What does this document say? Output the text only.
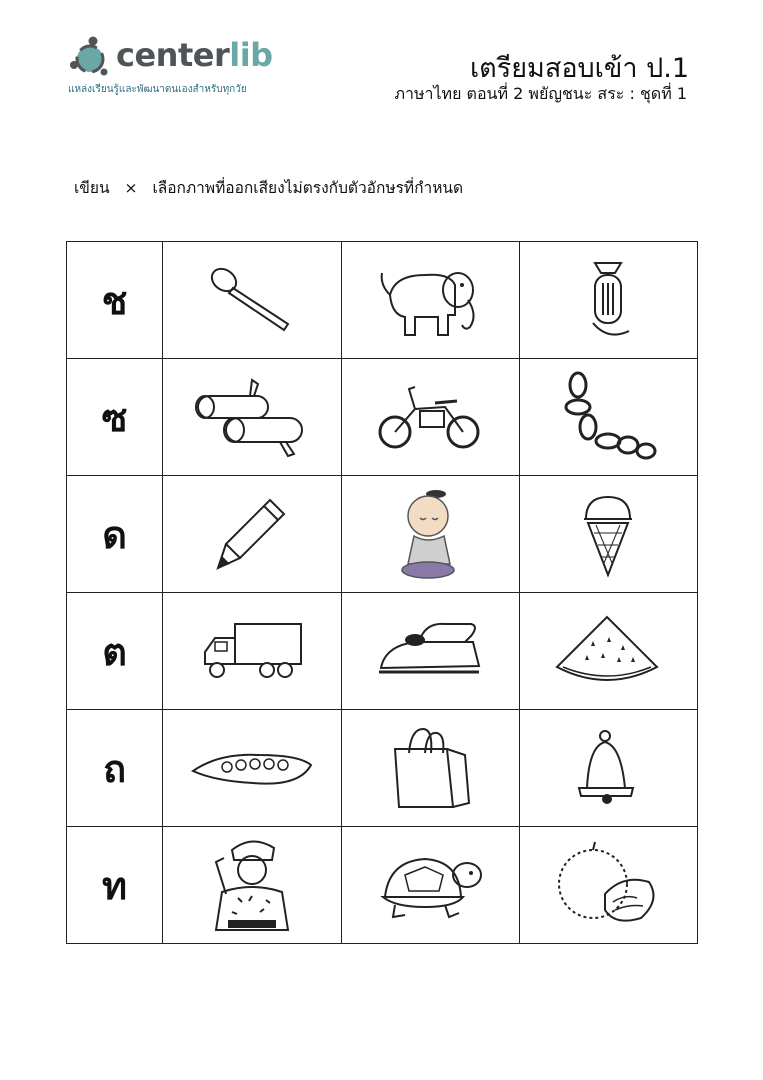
centerlib
แหล่งเรียนรู้และพัฒนาตนเองสำหรับทุกวัย
เตรียมสอบเข้า ป.1
ภาษาไทย ตอนที่ 2 พยัญชนะ สระ : ชุดที่ 1
เขียน × เลือกภาพที่ออกเสียงไม่ตรงกับตัวอักษรที่กำหนด
ช	

ซ	

ด	

ต	

ถ	

ท	
